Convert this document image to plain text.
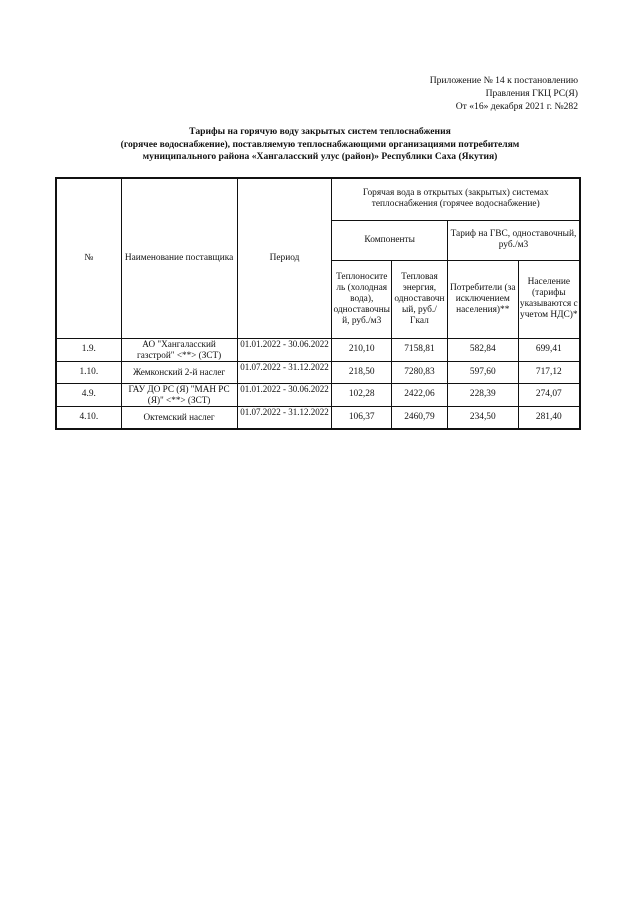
Приложение № 14 к постановлению
Правления ГКЦ РС(Я)
От «16» декабря 2021 г. №282
Тарифы на горячую воду закрытых систем теплоснабжения
(горячее водоснабжение), поставляемую теплоснабжающими организациями потребителям
муниципального района «Хангаласский улус (район)» Республики Саха (Якутия)
№	Наименование поставщика	Период	Горячая вода в открытых (закрытых) системах теплоснабжения (горячее водоснабжение)			
			Компоненты		Тариф на ГВС, одноставочный, руб./м3	
			Теплоносите ль (холодная вода), одноставочны й, руб./м3	Тепловая энергия, одноставочн ый, руб./Гкал	Потребители (за исключением населения)**	Население (тарифы указываются с учетом НДС)*
1.9.	АО "Хангаласский газстрой" <**> (ЗСТ)	01.01.2022 - 30.06.2022	210,10	7158,81	582,84	699,41
1.10.	Жемконский 2-й наслег	01.07.2022 - 31.12.2022	218,50	7280,83	597,60	717,12
4.9.	ГАУ ДО РС (Я) "МАН РС (Я)" <**> (ЗСТ)	01.01.2022 - 30.06.2022	102,28	2422,06	228,39	274,07
4.10.	Октемский наслег	01.07.2022 - 31.12.2022	106,37	2460,79	234,50	281,40
